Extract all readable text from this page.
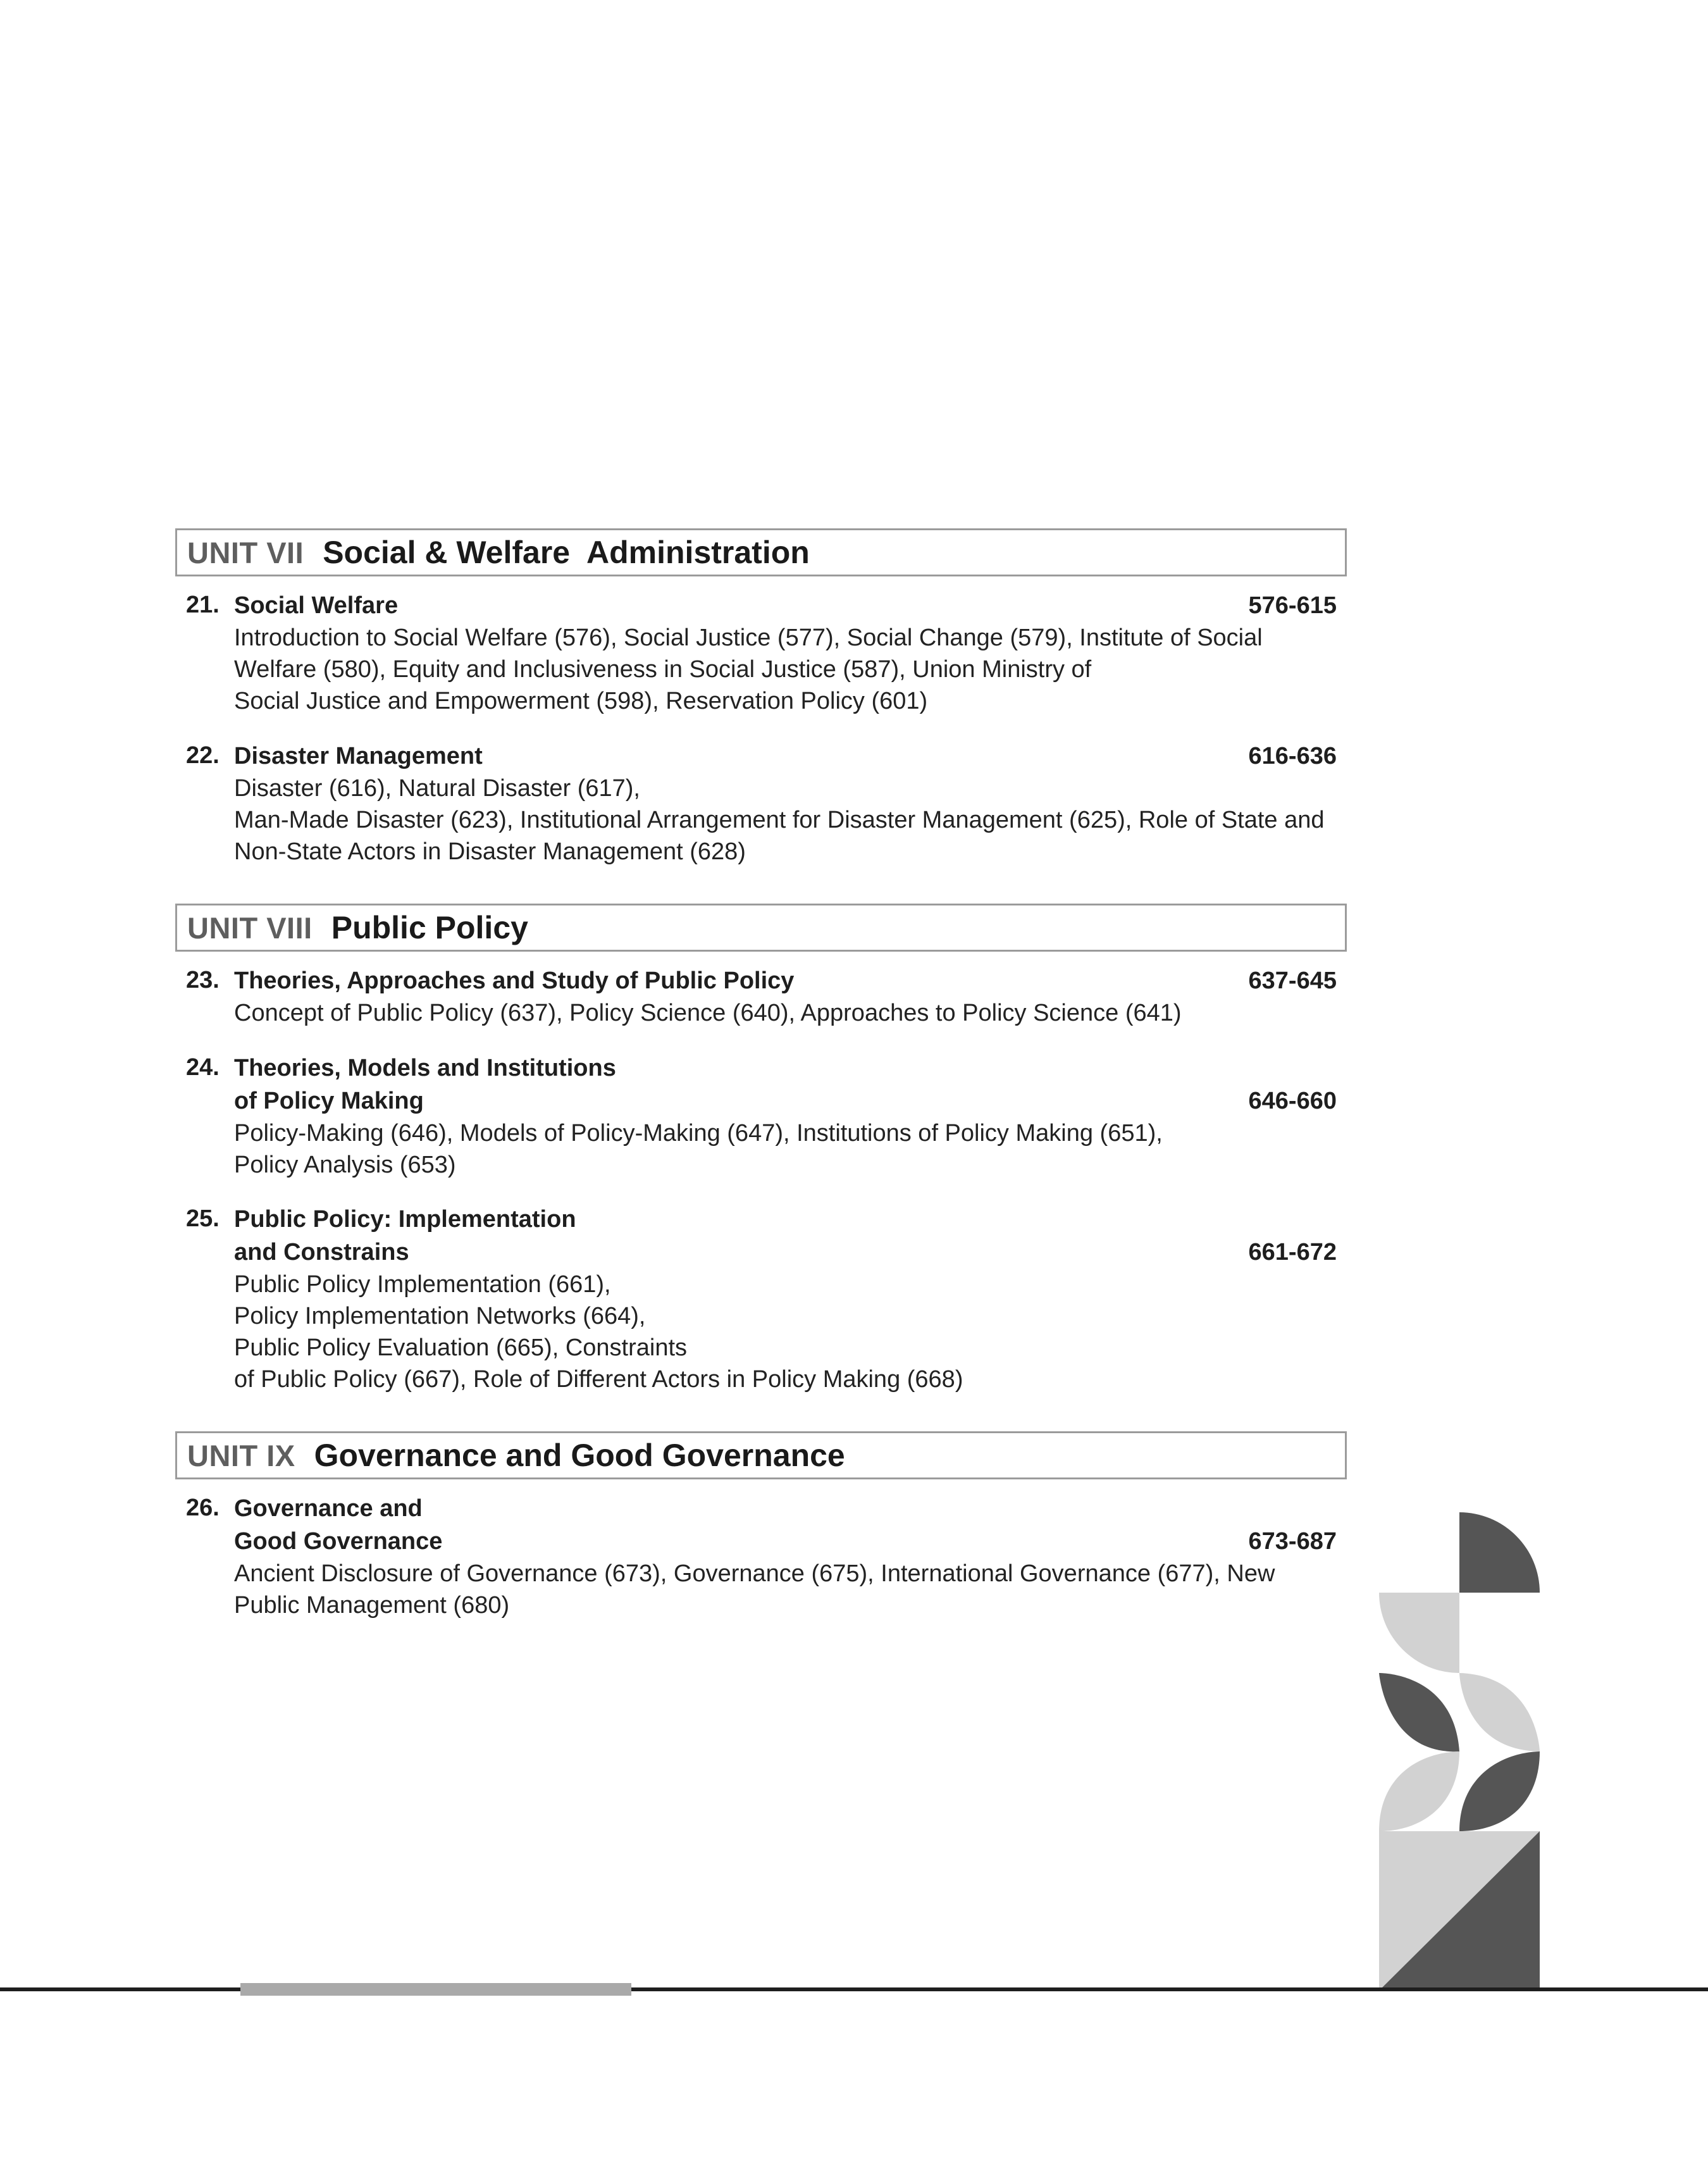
UNIT VII Social & Welfare  Administration
21. Social Welfare	576-615
Introduction to Social Welfare (576), Social Justice (577), Social Change (579), Institute of Social
Welfare (580), Equity and Inclusiveness in Social Justice (587), Union Ministry of
Social Justice and Empowerment (598), Reservation Policy (601)
22. Disaster Management	616-636
Disaster (616), Natural Disaster (617),
Man-Made Disaster (623), Institutional Arrangement for Disaster Management (625), Role of State and
Non-State Actors in Disaster Management (628)
UNIT VIII Public Policy
23. Theories, Approaches and Study of Public Policy	637-645
Concept of Public Policy (637), Policy Science (640), Approaches to Policy Science (641)
24. Theories, Models and Institutions
of Policy Making	646-660
Policy-Making (646), Models of Policy-Making (647), Institutions of Policy Making (651),
Policy Analysis (653)
25. Public Policy: Implementation
and Constrains	661-672
Public Policy Implementation (661),
Policy Implementation Networks (664),
Public Policy Evaluation (665), Constraints
of Public Policy (667), Role of Different Actors in Policy Making (668)
UNIT IX Governance and Good Governance
26. Governance and
Good Governance	673-687
Ancient Disclosure of Governance (673), Governance (675), International Governance (677), New
Public Management (680)
